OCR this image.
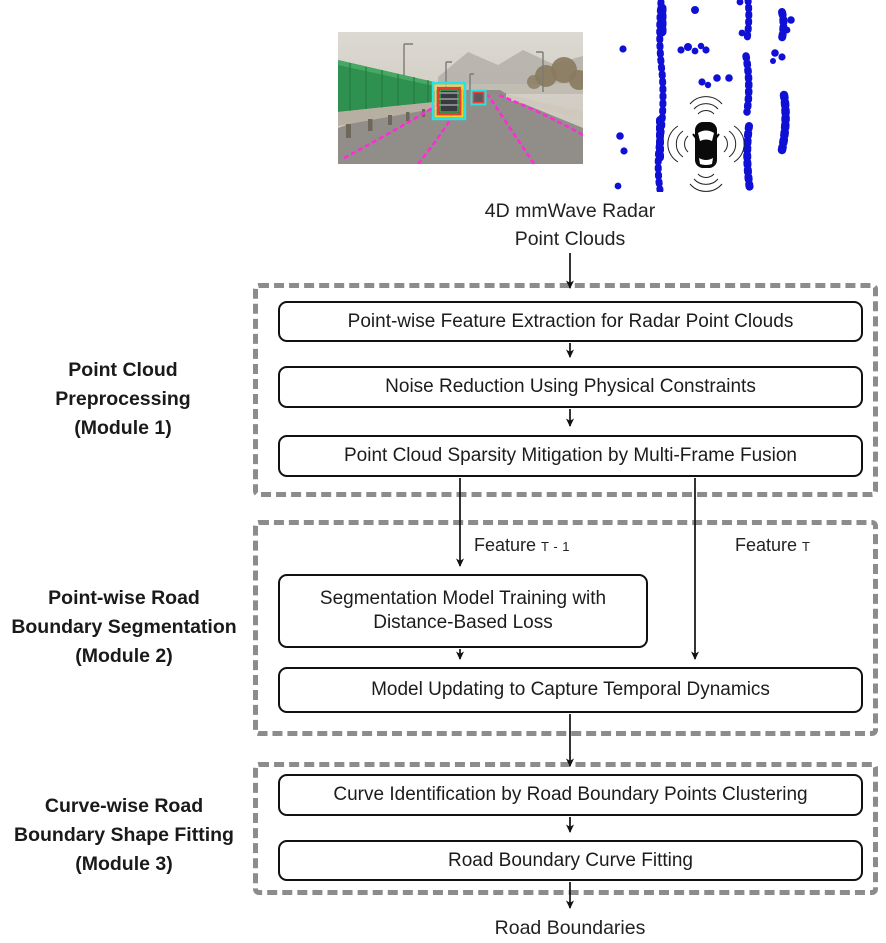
4D mmWave Radar
Point Clouds
Point-wise Feature Extraction for Radar Point Clouds
Noise Reduction Using Physical Constraints
Point Cloud Sparsity Mitigation by Multi-Frame Fusion
Segmentation Model Training with Distance-Based Loss
Model Updating to Capture Temporal Dynamics
Curve Identification by Road Boundary Points Clustering
Road Boundary Curve Fitting
Feature T - 1	Feature T
Point Cloud
Preprocessing
(Module 1)
Point-wise Road
Boundary Segmentation
(Module 2)
Curve-wise Road
Boundary Shape Fitting
(Module 3)
Road Boundaries
